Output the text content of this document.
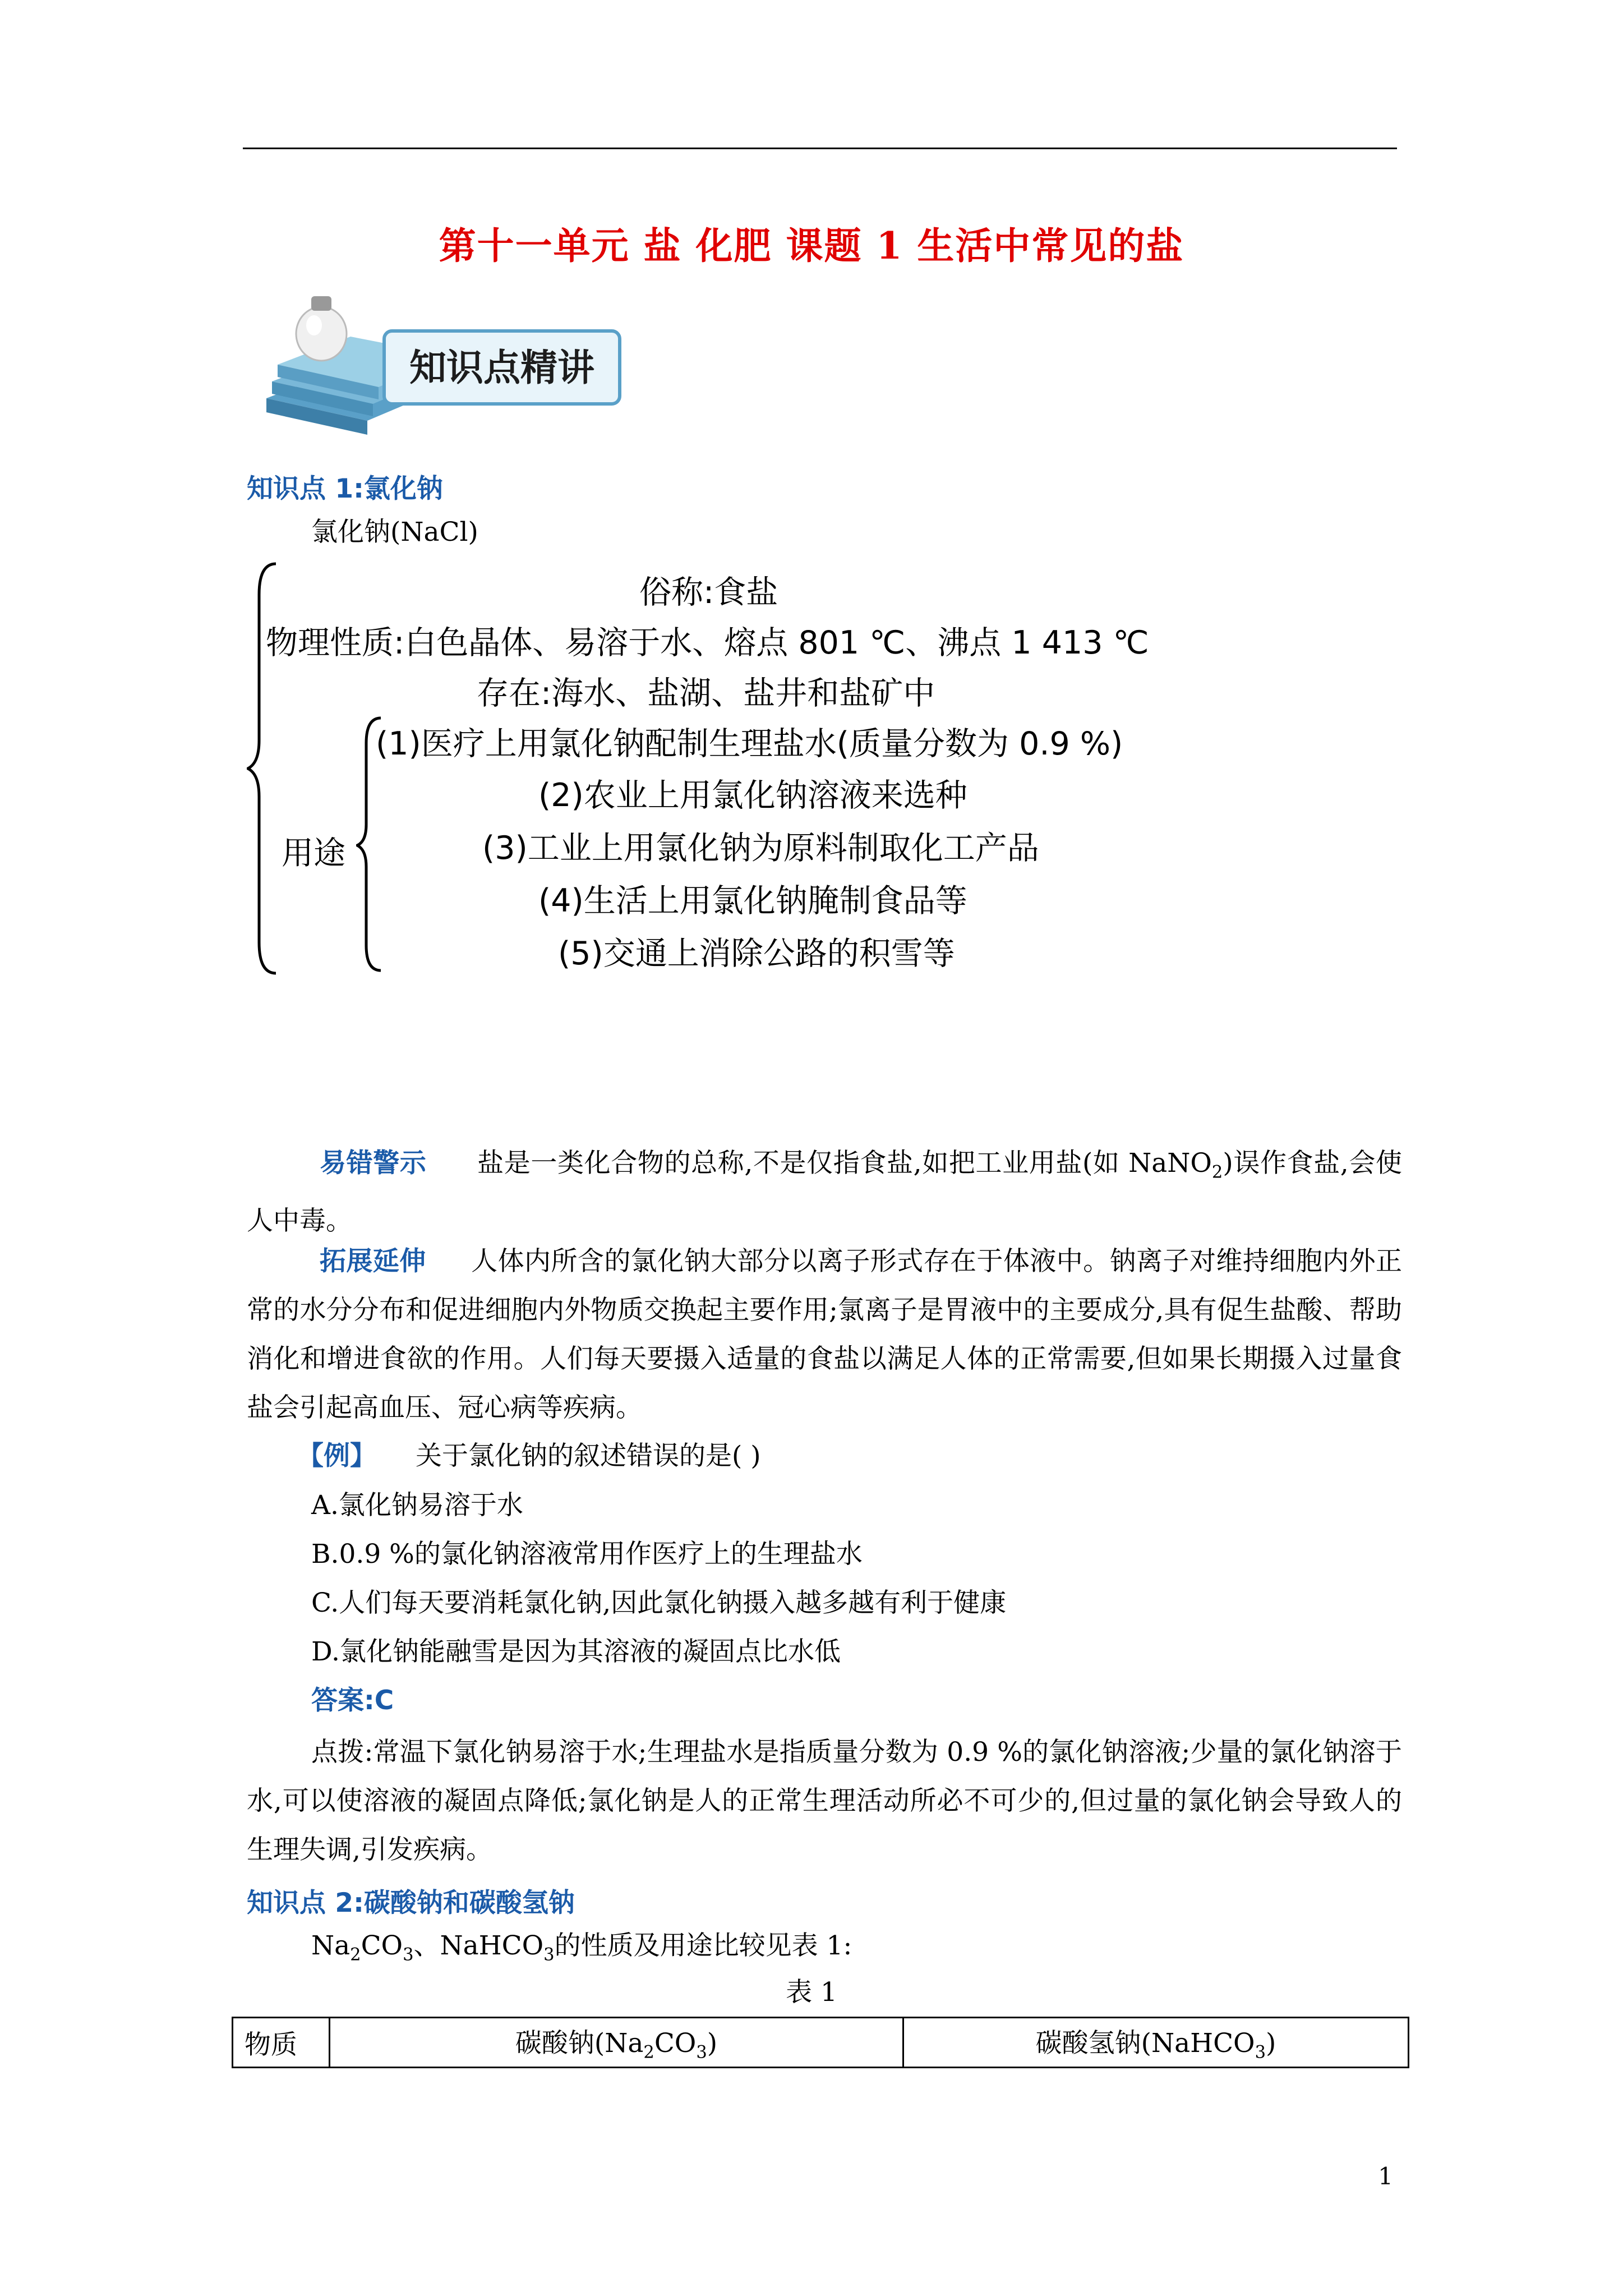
第十一单元 盐 化肥 课题 1 生活中常见的盐
知识点精讲
知识点 1:氯化钠
氯化钠(NaCl)
俗称:食盐
物理性质:白色晶体、易溶于水、熔点 801 ℃、沸点 1 413 ℃
存在:海水、盐湖、盐井和盐矿中
用途
(1)医疗上用氯化钠配制生理盐水(质量分数为 0.9 %)
(2)农业上用氯化钠溶液来选种
(3)工业上用氯化钠为原料制取化工产品
(4)生活上用氯化钠腌制食品等
(5)交通上消除公路的积雪等
易错警示 盐是一类化合物的总称,不是仅指食盐,如把工业用盐(如 NaNO$_2$)误作食盐,会使人中毒。
拓展延伸 人体内所含的氯化钠大部分以离子形式存在于体液中。钠离子对维持细胞内外正常的水分分布和促进细胞内外物质交换起主要作用;氯离子是胃液中的主要成分,具有促生盐酸、帮助消化和增进食欲的作用。人们每天要摄入适量的食盐以满足人体的正常需要,但如果长期摄入过量食盐会引起高血压、冠心病等疾病。
【例】 关于氯化钠的叙述错误的是( )
A.氯化钠易溶于水
B.0.9 %的氯化钠溶液常用作医疗上的生理盐水
C.人们每天要消耗氯化钠,因此氯化钠摄入越多越有利于健康
D.氯化钠能融雪是因为其溶液的凝固点比水低
答案:C
点拨:常温下氯化钠易溶于水;生理盐水是指质量分数为 0.9 %的氯化钠溶液;少量的氯化钠溶于水,可以使溶液的凝固点降低;氯化钠是人的正常生理活动所必不可少的,但过量的氯化钠会导致人的生理失调,引发疾病。
知识点 2:碳酸钠和碳酸氢钠
$Na_2CO_3$、NaHCO$_3$的性质及用途比较见表 1:
表 1
物质	碳酸钠$(Na_2CO_3)$	碳酸氢钠(NaHCO$_3$)
1
